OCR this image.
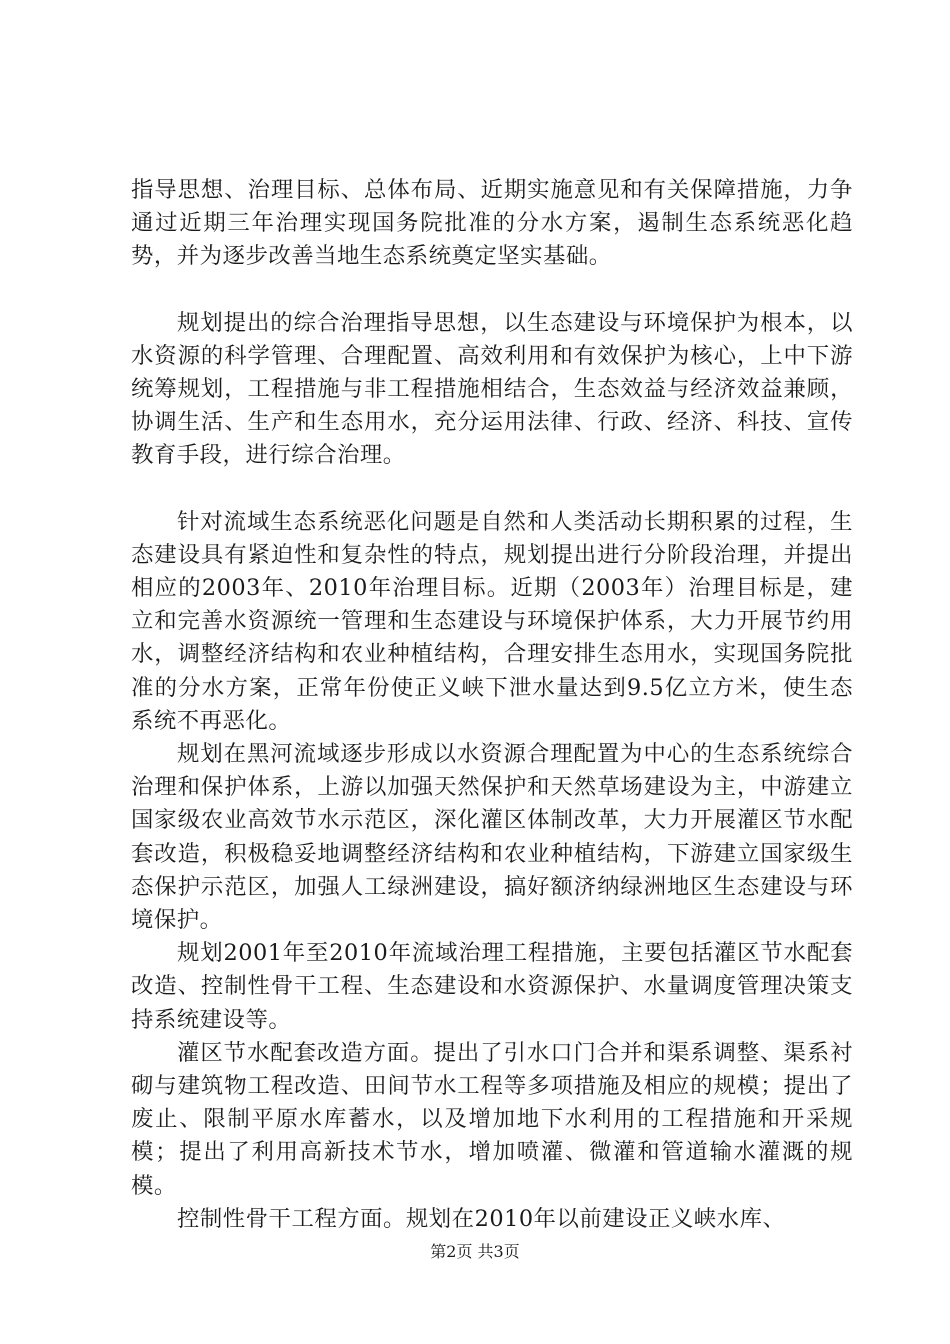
指导思想、治理目标、总体布局、近期实施意见和有关保障措施，力争通过近期三年治理实现国务院批准的分水方案，遏制生态系统恶化趋势，并为逐步改善当地生态系统奠定坚实基础。

规划提出的综合治理指导思想，以生态建设与环境保护为根本，以水资源的科学管理、合理配置、高效利用和有效保护为核心，上中下游统筹规划，工程措施与非工程措施相结合，生态效益与经济效益兼顾，协调生活、生产和生态用水，充分运用法律、行政、经济、科技、宣传教育手段，进行综合治理。

针对流域生态系统恶化问题是自然和人类活动长期积累的过程，生态建设具有紧迫性和复杂性的特点，规划提出进行分阶段治理，并提出相应的2003年、2010年治理目标。近期（2003年）治理目标是，建立和完善水资源统一管理和生态建设与环境保护体系，大力开展节约用水，调整经济结构和农业种植结构，合理安排生态用水，实现国务院批准的分水方案，正常年份使正义峡下泄水量达到9.5亿立方米，使生态系统不再恶化。

规划在黑河流域逐步形成以水资源合理配置为中心的生态系统综合治理和保护体系，上游以加强天然保护和天然草场建设为主，中游建立国家级农业高效节水示范区，深化灌区体制改革，大力开展灌区节水配套改造，积极稳妥地调整经济结构和农业种植结构，下游建立国家级生态保护示范区，加强人工绿洲建设，搞好额济纳绿洲地区生态建设与环境保护。

规划2001年至2010年流域治理工程措施，主要包括灌区节水配套改造、控制性骨干工程、生态建设和水资源保护、水量调度管理决策支持系统建设等。

灌区节水配套改造方面。提出了引水口门合并和渠系调整、渠系衬砌与建筑物工程改造、田间节水工程等多项措施及相应的规模；提出了废止、限制平原水库蓄水，以及增加地下水利用的工程措施和开采规模；提出了利用高新技术节水，增加喷灌、微灌和管道输水灌溉的规模。

控制性骨干工程方面。规划在2010年以前建设正义峡水库、

第2页 共3页
